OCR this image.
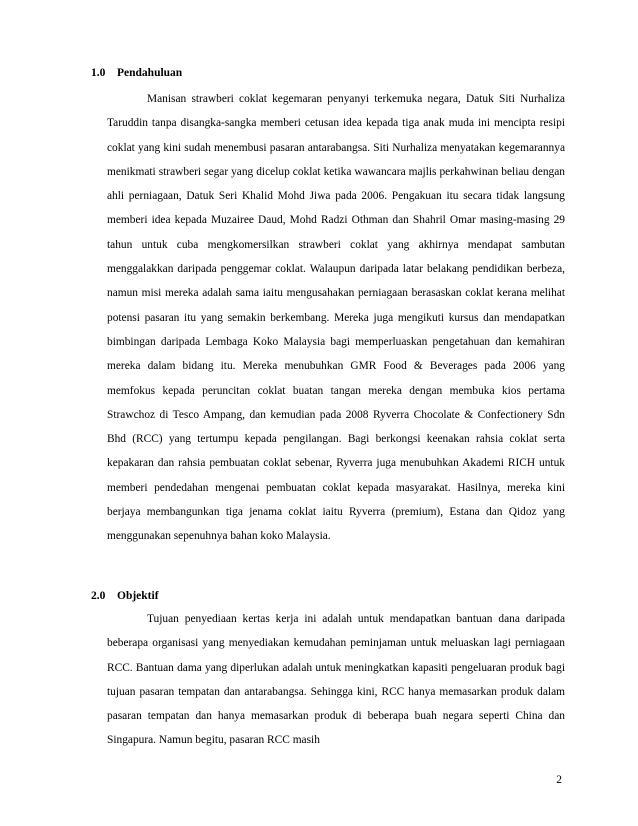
1.0 Pendahuluan

Manisan strawberi coklat kegemaran penyanyi terkemuka negara, Datuk Siti Nurhaliza Taruddin tanpa disangka-sangka memberi cetusan idea kepada tiga anak muda ini mencipta resipi coklat yang kini sudah menembusi pasaran antarabangsa. Siti Nurhaliza menyatakan kegemarannya menikmati strawberi segar yang dicelup coklat ketika wawancara majlis perkahwinan beliau dengan ahli perniagaan, Datuk Seri Khalid Mohd Jiwa pada 2006. Pengakuan itu secara tidak langsung memberi idea kepada Muzairee Daud, Mohd Radzi Othman dan Shahril Omar masing-masing 29 tahun untuk cuba mengkomersilkan strawberi coklat yang akhirnya mendapat sambutan menggalakkan daripada penggemar coklat. Walaupun daripada latar belakang pendidikan berbeza, namun misi mereka adalah sama iaitu mengusahakan perniagaan berasaskan coklat kerana melihat potensi pasaran itu yang semakin berkembang. Mereka juga mengikuti kursus dan mendapatkan bimbingan daripada Lembaga Koko Malaysia bagi memperluaskan pengetahuan dan kemahiran mereka dalam bidang itu. Mereka menubuhkan GMR Food & Beverages pada 2006 yang memfokus kepada peruncitan coklat buatan tangan mereka dengan membuka kios pertama Strawchoz di Tesco Ampang, dan kemudian pada 2008 Ryverra Chocolate & Confectionery Sdn Bhd (RCC) yang tertumpu kepada pengilangan. Bagi berkongsi keenakan rahsia coklat serta kepakaran dan rahsia pembuatan coklat sebenar, Ryverra juga menubuhkan Akademi RICH untuk memberi pendedahan mengenai pembuatan coklat kepada masyarakat. Hasilnya, mereka kini berjaya membangunkan tiga jenama coklat iaitu Ryverra (premium), Estana dan Qidoz yang menggunakan sepenuhnya bahan koko Malaysia.

2.0 Objektif

Tujuan penyediaan kertas kerja ini adalah untuk mendapatkan bantuan dana daripada beberapa organisasi yang menyediakan kemudahan peminjaman untuk meluaskan lagi perniagaan RCC. Bantuan dama yang diperlukan adalah untuk meningkatkan kapasiti pengeluaran produk bagi tujuan pasaran tempatan dan antarabangsa. Sehingga kini, RCC hanya memasarkan produk dalam pasaran tempatan dan hanya memasarkan produk di beberapa buah negara seperti China dan Singapura. Namun begitu, pasaran RCC masih

2
